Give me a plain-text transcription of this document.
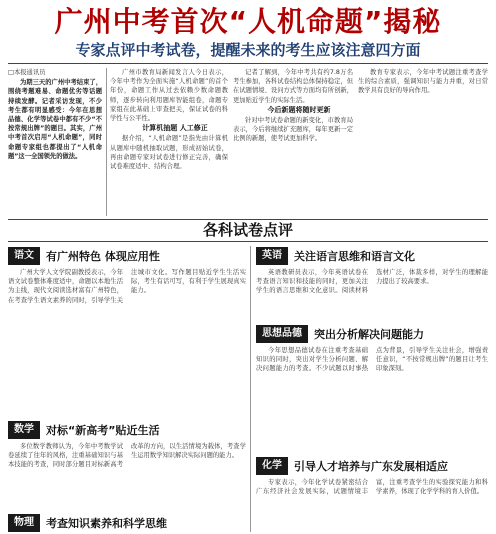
广州中考首次“人机命题”揭秘
专家点评中考试卷，提醒未来的考生应该注意四方面

□本报通讯员

为期三天的广州中考结束了，围绕考题难易、命题优劣等话题持续发酵。记者采访发现，不少考生都有明显感受：今年在思想品德、化学等试卷中都有不少“不按常规出牌”的题目。其实，广州中考首次启用“人机命题”，同时命题专家组也都提出了“人机命题”这一全国领先的做法。

广州市教育局新闻发言人今日表示，今年中考作为全面实施“人机命题”的首个年份，命题工作从过去依赖少数命题教师，逐步转向利用题库智能组卷，命题专家组在此基础上审查把关，保证试卷的科学性与公平性。

计算机抽题 人工修正

据介绍，“人机命题”是指先由计算机从题库中随机抽取试题，形成初始试卷，再由命题专家对试卷进行修正完善，确保试卷难度适中、结构合理。

记者了解到，今年中考共有约7.8万名考生参加，各科试卷结构总体保持稳定，但在试题情境、设问方式等方面均有所创新，更加贴近学生的实际生活。

今后新题将随时更新

针对中考试卷命题的新变化，市教育局表示，今后将继续扩充题库，每年更新一定比例的新题，使考试更加科学。

教育专家表示，今年中考试题注重考查学生的综合素质，强调知识与能力并重，对日常教学具有良好的导向作用。

各科试卷点评
语文	有广州特色 体现应用性

广州大学人文学院副教授表示，今年语文试卷整体难度适中，命题以本地生活为主线，现代文阅读选材富有广州特色，在考查学生语文素养的同时，引导学生关注城市文化。写作题目贴近学生生活实际，考生有话可写，有利于学生展现真实能力。

数学	对标“新高考”贴近生活

多位数学教师认为，今年中考数学试卷延续了往年的风格，注重基础知识与基本技能的考查，同时部分题目对标新高考改革的方向，以生活情境为载体，考查学生运用数学知识解决实际问题的能力。

物理	考查知识素养和科学思维
英语	关注语言思维和语言文化

英语教研员表示，今年英语试卷在考查语言知识和技能的同时，更加关注学生的语言思维和文化意识。阅读材料选材广泛，体裁多样，对学生的理解能力提出了较高要求。

思想品德	突出分析解决问题能力

今年思想品德试卷在注重考查基础知识的同时，突出对学生分析问题、解决问题能力的考查。不少试题以时事热点为背景，引导学生关注社会，增强责任意识，“不按常规出牌”的题目让考生印象深刻。

化学	引导人才培养与广东发展相适应

专家表示，今年化学试卷紧密结合广东经济社会发展实际，试题情境丰富，注重考查学生的实验探究能力和科学素养，体现了化学学科的育人价值。
